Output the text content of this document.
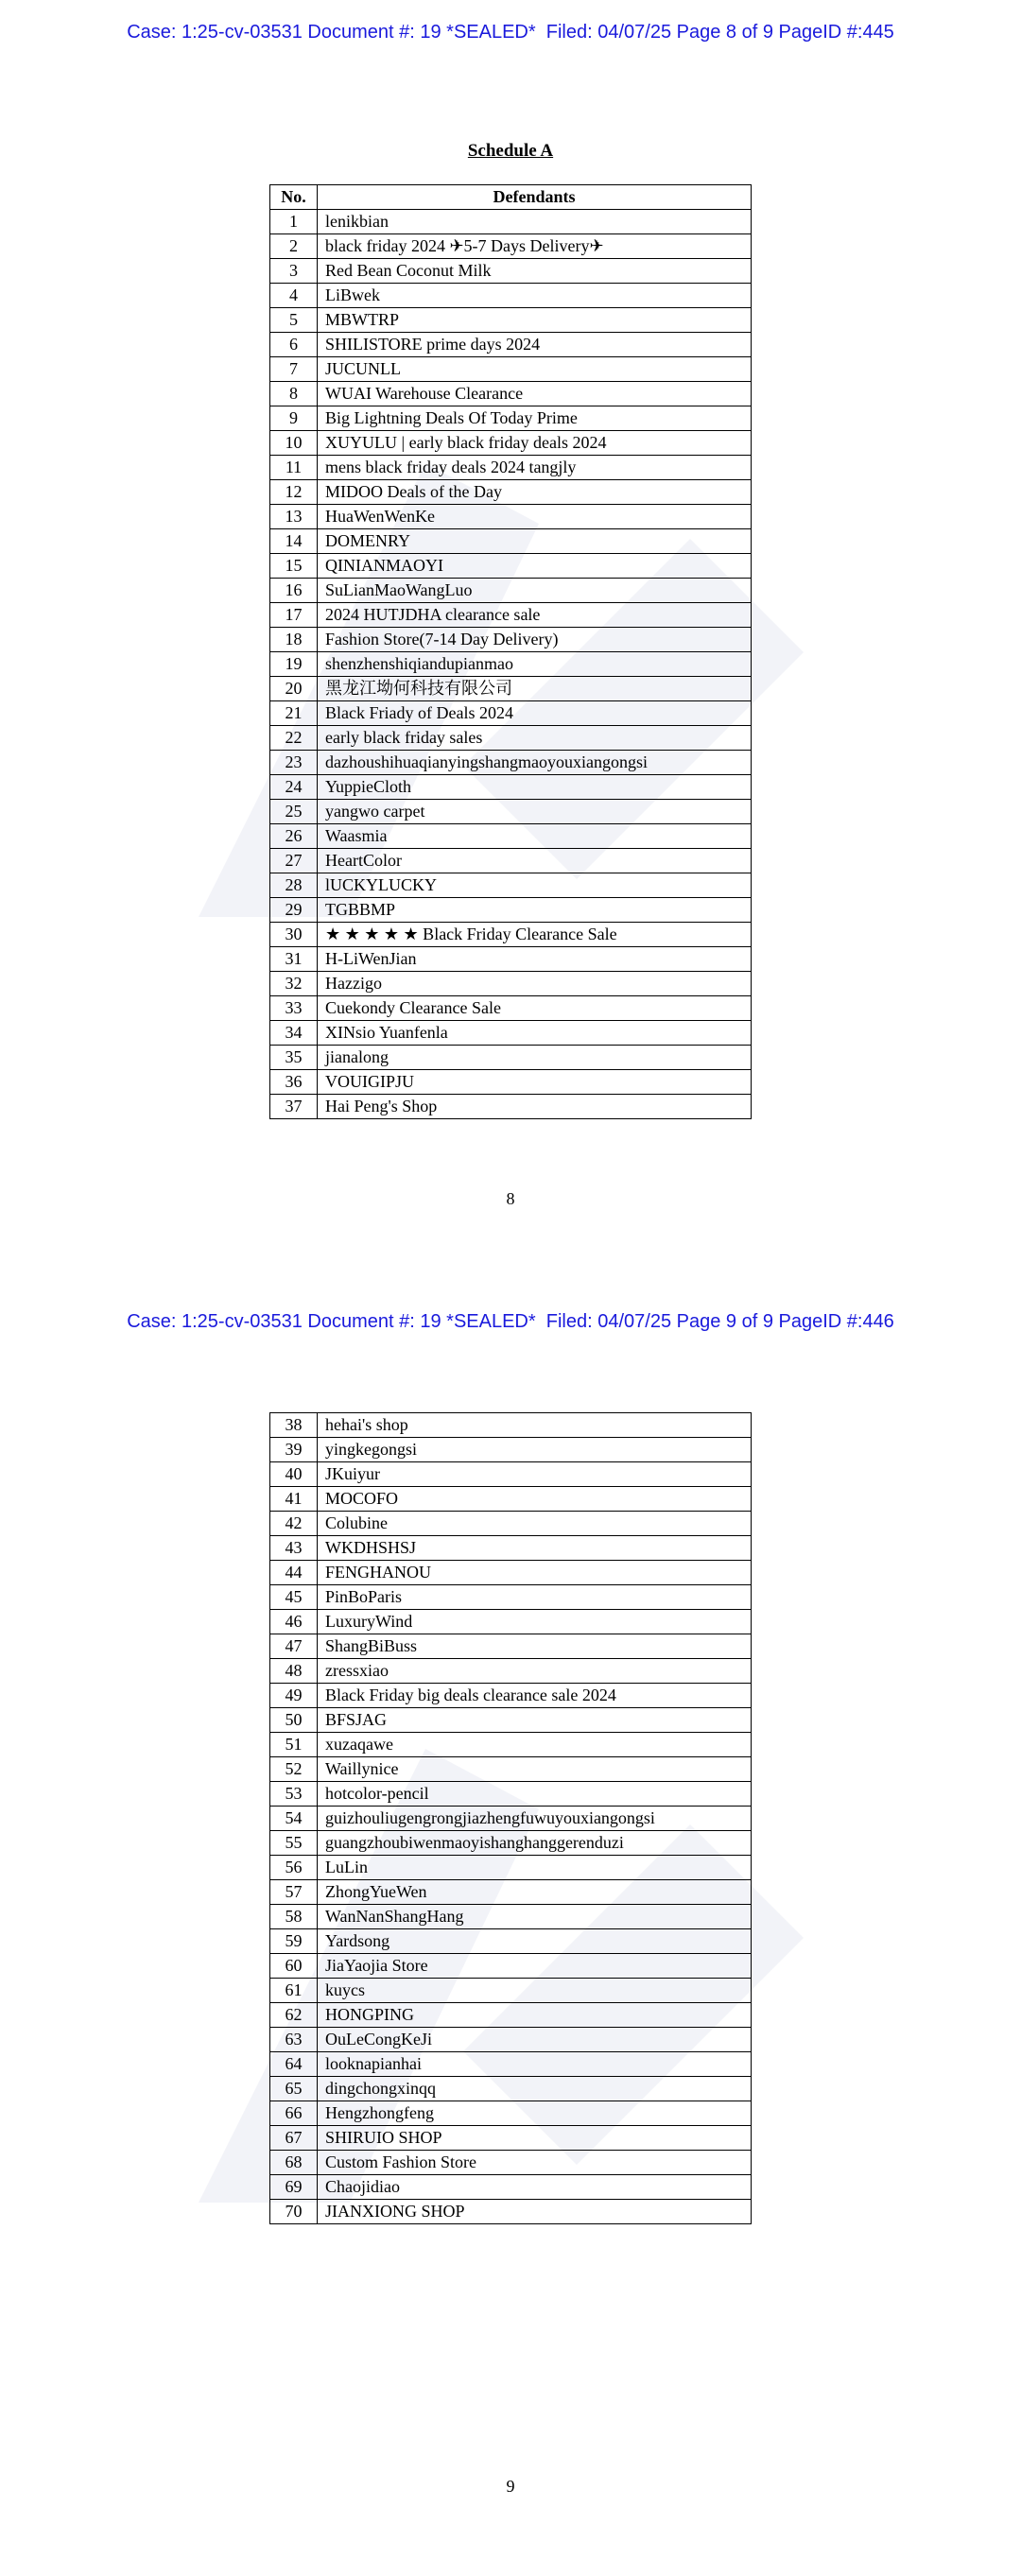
Case: 1:25-cv-03531 Document #: 19 *SEALED*  Filed: 04/07/25 Page 8 of 9 PageID #:445
Schedule A
No.	Defendants
1	lenikbian
2	black friday 2024 ✈5-7 Days Delivery✈
3	Red Bean Coconut Milk
4	LiBwek
5	MBWTRP
6	SHILISTORE prime days 2024
7	JUCUNLL
8	WUAI Warehouse Clearance
9	Big Lightning Deals Of Today Prime
10	XUYULU | early black friday deals 2024
11	mens black friday deals 2024 tangjly
12	MIDOO Deals of the Day
13	HuaWenWenKe
14	DOMENRY
15	QINIANMAOYI
16	SuLianMaoWangLuo
17	2024 HUTJDHA clearance sale
18	Fashion Store(7-14 Day Delivery)
19	shenzhenshiqiandupianmao
20	黑龙江坳何科技有限公司
21	Black Friady of Deals 2024
22	early black friday sales
23	dazhoushihuaqianyingshangmaoyouxiangongsi
24	YuppieCloth
25	yangwo carpet
26	Waasmia
27	HeartColor
28	lUCKYLUCKY
29	TGBBMP
30	★ ★ ★ ★ ★ Black Friday Clearance Sale
31	H-LiWenJian
32	Hazzigo
33	Cuekondy Clearance Sale
34	XINsio Yuanfenla
35	jianalong
36	VOUIGIPJU
37	Hai Peng's Shop
8
Case: 1:25-cv-03531 Document #: 19 *SEALED*  Filed: 04/07/25 Page 9 of 9 PageID #:446
38	hehai's shop
39	yingkegongsi
40	JKuiyur
41	MOCOFO
42	Colubine
43	WKDHSHSJ
44	FENGHANOU
45	PinBoParis
46	LuxuryWind
47	ShangBiBuss
48	zressxiao
49	Black Friday big deals clearance sale 2024
50	BFSJAG
51	xuzaqawe
52	Waillynice
53	hotcolor-pencil
54	guizhouliugengrongjiazhengfuwuyouxiangongsi
55	guangzhoubiwenmaoyishanghanggerenduzi
56	LuLin
57	ZhongYueWen
58	WanNanShangHang
59	Yardsong
60	JiaYaojia Store
61	kuycs
62	HONGPING
63	OuLeCongKeJi
64	looknapianhai
65	dingchongxinqq
66	Hengzhongfeng
67	SHIRUIO SHOP
68	Custom Fashion Store
69	Chaojidiao
70	JIANXIONG SHOP
9
